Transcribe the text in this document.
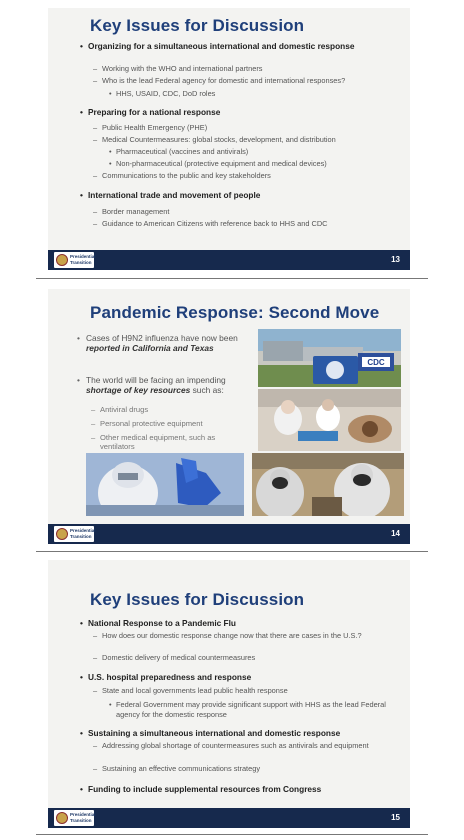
Key Issues for Discussion
• Organizing for a simultaneous international and domestic response
– Working with the WHO and international partners
– Who is the lead Federal agency for domestic and international responses?
• HHS, USAID, CDC, DoD roles
• Preparing for a national response
– Public Health Emergency (PHE)
– Medical Countermeasures: global stocks, development, and distribution
• Pharmaceutical (vaccines and antivirals)
• Non-pharmaceutical (protective equipment and medical devices)
– Communications to the public and key stakeholders
• International trade and movement of people
– Border management
– Guidance to American Citizens with reference back to HHS and CDC
Presidential
Transition	13
Pandemic Response: Second Move
• Cases of H9N2 influenza have now been reported in California and Texas
• The world will be facing an impending shortage of key resources such as:
– Antiviral drugs
– Personal protective equipment
– Other medical equipment, such as ventilators
CDC
Presidential
Transition	14
Key Issues for Discussion
• National Response to a Pandemic Flu
– How does our domestic response change now that there are cases in the U.S.?
– Domestic delivery of medical countermeasures
• U.S. hospital preparedness and response
– State and local governments lead public health response
• Federal Government may provide significant support with HHS as the lead Federal agency for the domestic response
• Sustaining a simultaneous international and domestic response
– Addressing global shortage of countermeasures such as antivirals and equipment
– Sustaining an effective communications strategy
• Funding to include supplemental resources from Congress
Presidential
Transition	15
